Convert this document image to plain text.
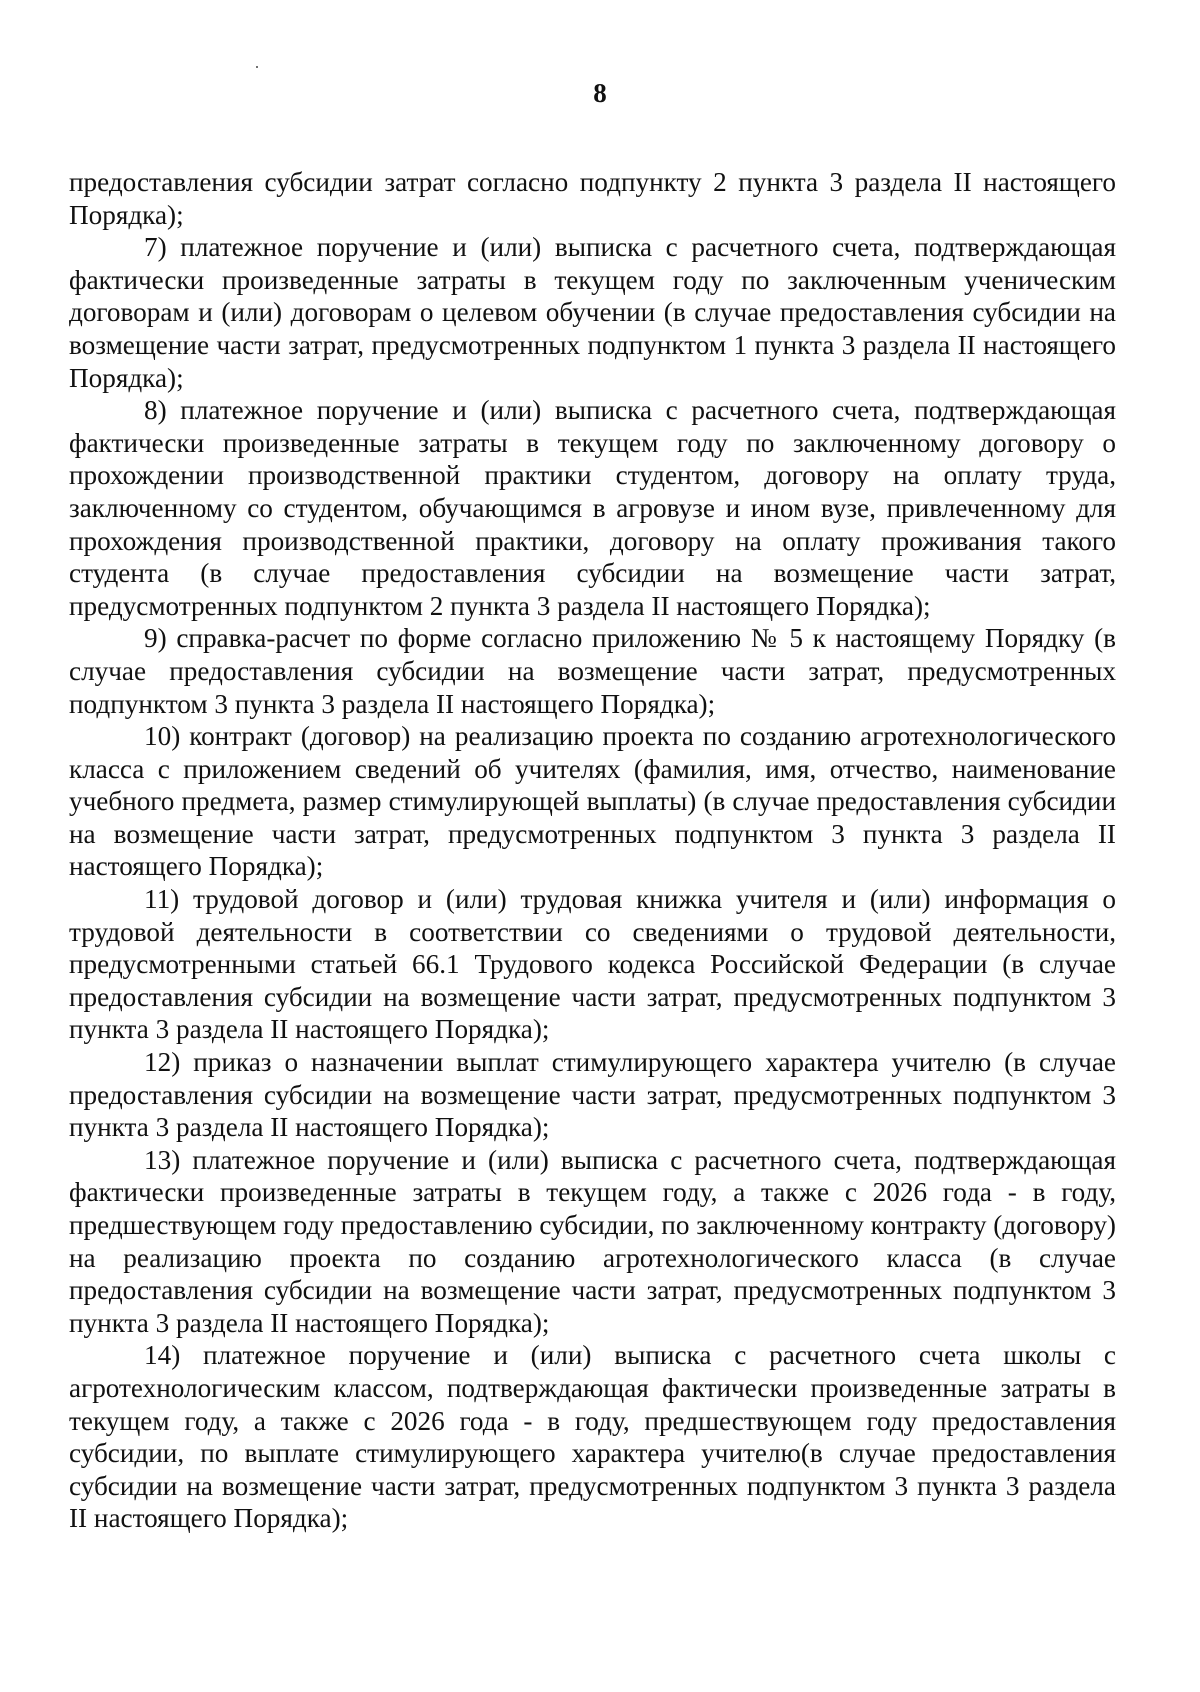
8

предоставления субсидии затрат согласно подпункту 2 пункта 3 раздела II настоящего Порядка);

7) платежное поручение и (или) выписка с расчетного счета, подтверждающая фактически произведенные затраты в текущем году по заключенным ученическим договорам и (или) договорам о целевом обучении (в случае предоставления субсидии на возмещение части затрат, предусмотренных подпунктом 1 пункта 3 раздела II настоящего Порядка);

8) платежное поручение и (или) выписка с расчетного счета, подтверждающая фактически произведенные затраты в текущем году по заключенному договору о прохождении производственной практики студентом, договору на оплату труда, заключенному со студентом, обучающимся в агровузе и ином вузе, привлеченному для прохождения производственной практики, договору на оплату проживания такого студента (в случае предоставления субсидии на возмещение части затрат, предусмотренных подпунктом 2 пункта 3 раздела II настоящего Порядка);

9) справка-расчет по форме согласно приложению № 5 к настоящему Порядку (в случае предоставления субсидии на возмещение части затрат, предусмотренных подпунктом 3 пункта 3 раздела II настоящего Порядка);

10) контракт (договор) на реализацию проекта по созданию агротехнологического класса с приложением сведений об учителях (фамилия, имя, отчество, наименование учебного предмета, размер стимулирующей выплаты) (в случае предоставления субсидии на возмещение части затрат, предусмотренных подпунктом 3 пункта 3 раздела II настоящего Порядка);

11) трудовой договор и (или) трудовая книжка учителя и (или) информация о трудовой деятельности в соответствии со сведениями о трудовой деятельности, предусмотренными статьей 66.1 Трудового кодекса Российской Федерации (в случае предоставления субсидии на возмещение части затрат, предусмотренных подпунктом 3 пункта 3 раздела II настоящего Порядка);

12) приказ о назначении выплат стимулирующего характера учителю (в случае предоставления субсидии на возмещение части затрат, предусмотренных подпунктом 3 пункта 3 раздела II настоящего Порядка);

13) платежное поручение и (или) выписка с расчетного счета, подтверждающая фактически произведенные затраты в текущем году, а также с 2026 года - в году, предшествующем году предоставлению субсидии, по заключенному контракту (договору) на реализацию проекта по созданию агротехнологического класса (в случае предоставления субсидии на возмещение части затрат, предусмотренных подпунктом 3 пункта 3 раздела II настоящего Порядка);

14) платежное поручение и (или) выписка с расчетного счета школы с агротехнологическим классом, подтверждающая фактически произведенные затраты в текущем году, а также с 2026 года - в году, предшествующем году предоставления субсидии, по выплате стимулирующего характера учителю(в случае предоставления субсидии на возмещение части затрат, предусмотренных подпунктом 3 пункта 3 раздела II настоящего Порядка);
